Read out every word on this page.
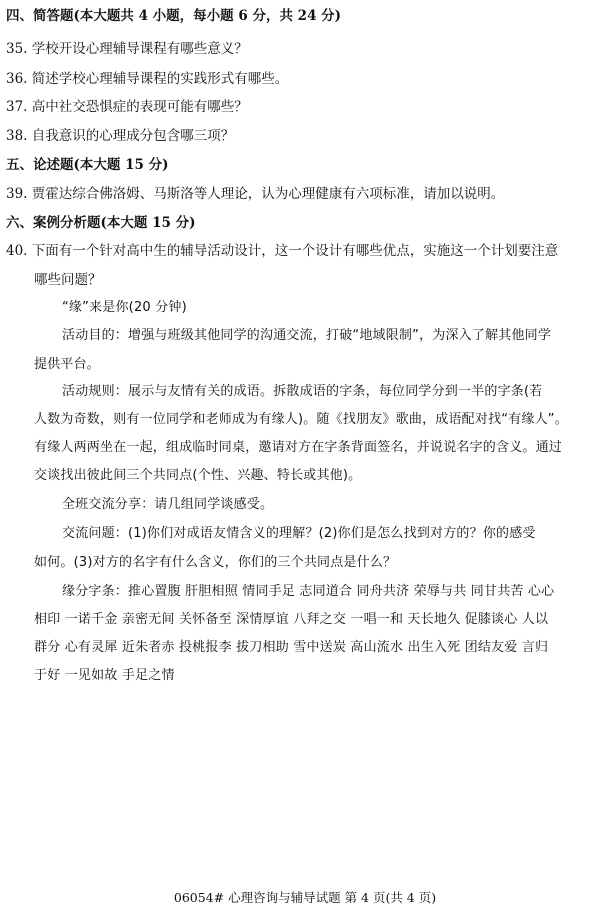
四、简答题(本大题共 4 小题，每小题 6 分，共 24 分)
35. 学校开设心理辅导课程有哪些意义？
36. 简述学校心理辅导课程的实践形式有哪些。
37. 高中社交恐惧症的表现可能有哪些？
38. 自我意识的心理成分包含哪三项？
五、论述题(本大题 15 分)
39. 贾霍达综合佛洛姆、马斯洛等人理论，认为心理健康有六项标准，请加以说明。
六、案例分析题(本大题 15 分)
40. 下面有一个针对高中生的辅导活动设计，这一个设计有哪些优点，实施这一个计划要注意
哪些问题？
“缘”来是你(20 分钟)
活动目的：增强与班级其他同学的沟通交流，打破“地域限制”，为深入了解其他同学
提供平台。
活动规则：展示与友情有关的成语。拆散成语的字条，每位同学分到一半的字条(若
人数为奇数，则有一位同学和老师成为有缘人)。随《找朋友》歌曲，成语配对找“有缘人”。
有缘人两两坐在一起，组成临时同桌，邀请对方在字条背面签名，并说说名字的含义。通过
交谈找出彼此间三个共同点(个性、兴趣、特长或其他)。
全班交流分享：请几组同学谈感受。
交流问题：(1)你们对成语友情含义的理解？(2)你们是怎么找到对方的？你的感受
如何。(3)对方的名字有什么含义，你们的三个共同点是什么？
缘分字条：推心置腹 肝胆相照 情同手足 志同道合 同舟共济 荣辱与共 同甘共苦 心心
相印 一诺千金 亲密无间 关怀备至 深情厚谊 八拜之交 一唱一和 天长地久 促膝谈心 人以
群分 心有灵犀 近朱者赤 投桃报李 拔刀相助 雪中送炭 高山流水 出生入死 团结友爱 言归
于好 一见如故 手足之情
06054# 心理咨询与辅导试题 第 4 页(共 4 页)
